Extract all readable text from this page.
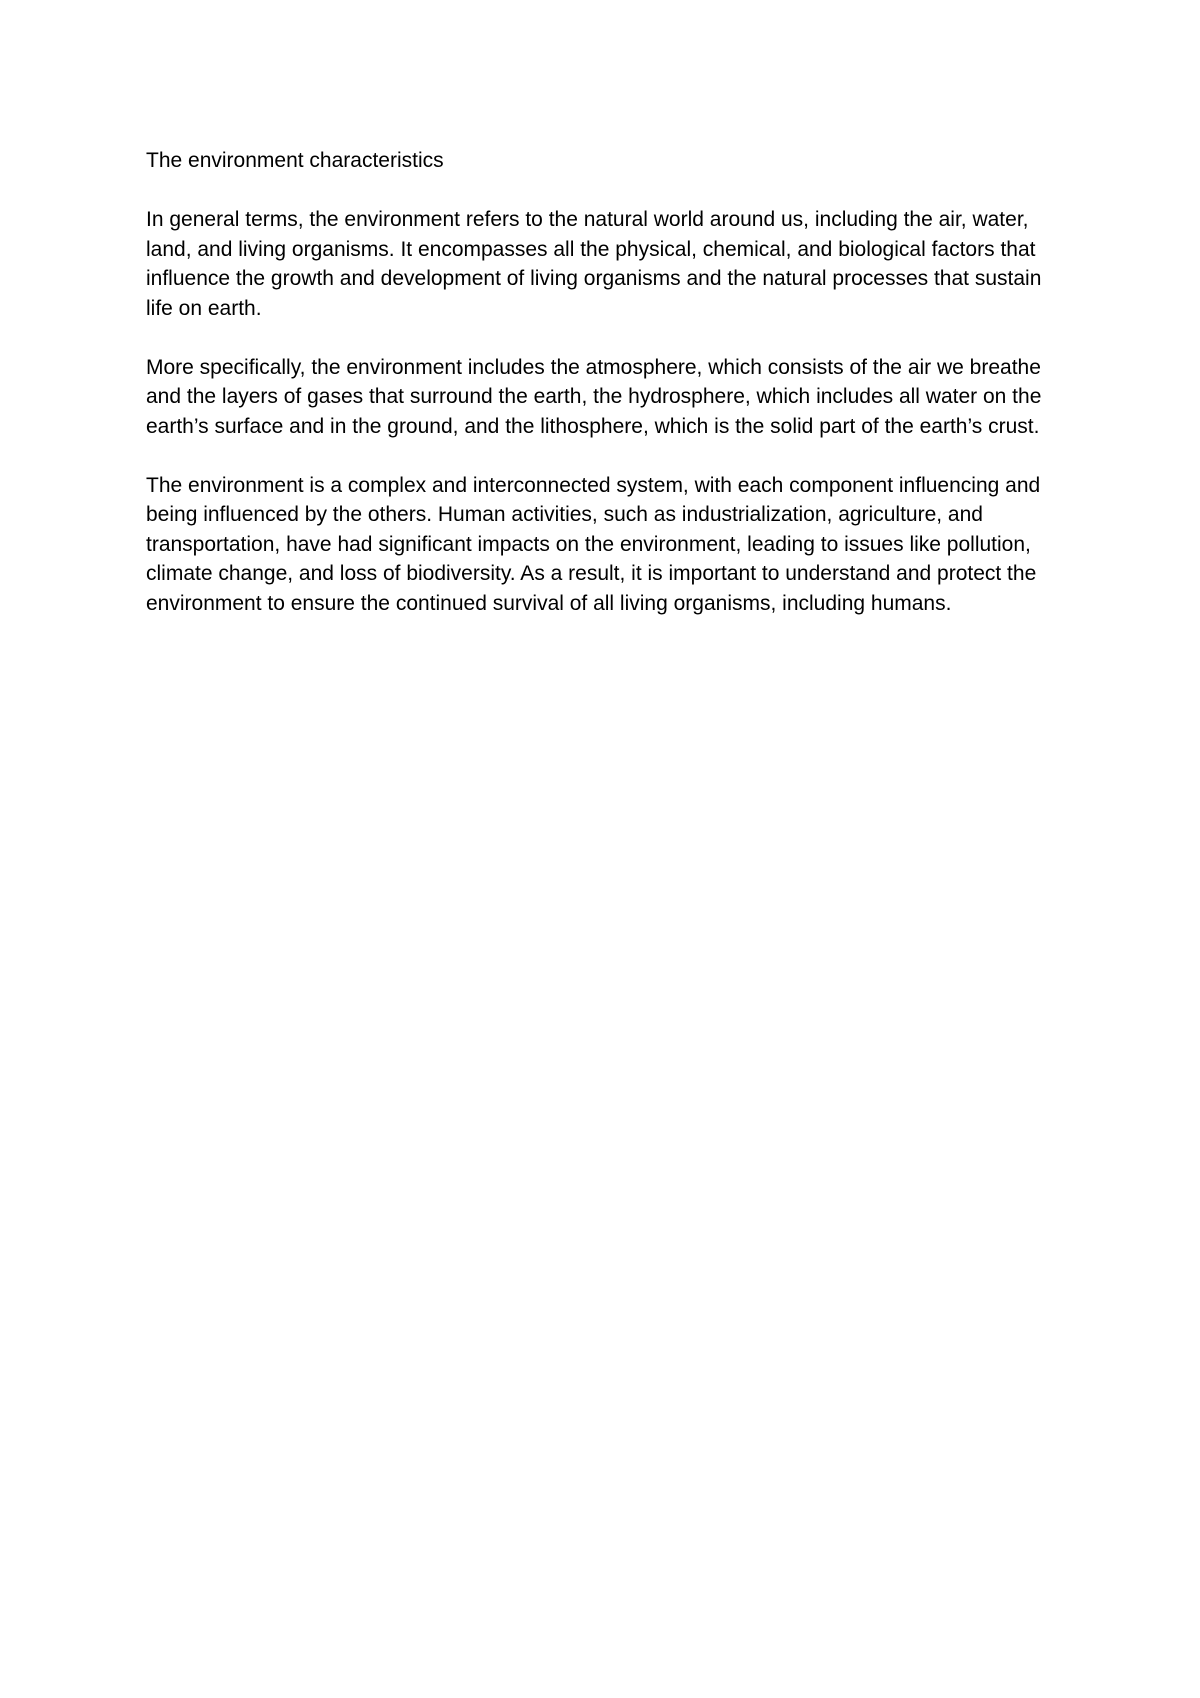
The environment characteristics

In general terms, the environment refers to the natural world around us, including the air, water, land, and living organisms. It encompasses all the physical, chemical, and biological factors that influence the growth and development of living organisms and the natural processes that sustain life on earth.

More specifically, the environment includes the atmosphere, which consists of the air we breathe and the layers of gases that surround the earth, the hydrosphere, which includes all water on the earth’s surface and in the ground, and the lithosphere, which is the solid part of the earth’s crust.

The environment is a complex and interconnected system, with each component influencing and being influenced by the others. Human activities, such as industrialization, agriculture, and transportation, have had significant impacts on the environment, leading to issues like pollution, climate change, and loss of biodiversity. As a result, it is important to understand and protect the environment to ensure the continued survival of all living organisms, including humans.
